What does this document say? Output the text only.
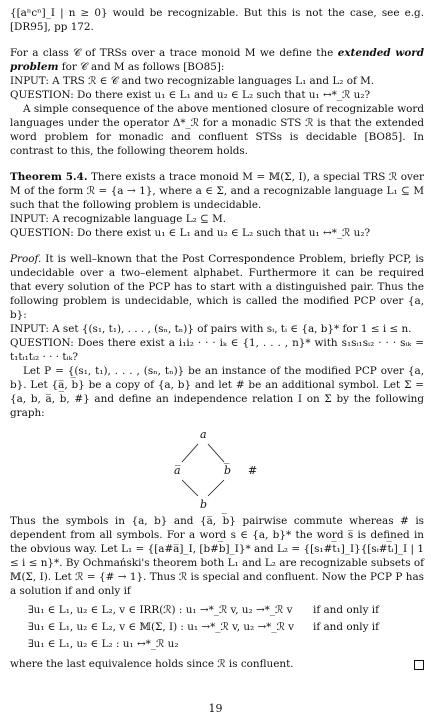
{[aⁿcⁿ]_I | n ≥ 0} would be recognizable. But this is not the case, see e.g. [DR95], pp 172.

For a class 𝒞 of TRSs over a trace monoid M we define the extended word problem for 𝒞 and M as follows [BO85]:

INPUT: A TRS ℛ ∈ 𝒞 and two recognizable languages L₁ and L₂ of M.

QUESTION: Do there exist u₁ ∈ L₁ and u₂ ∈ L₂ such that u₁ ↔*_ℛ u₂?

A simple consequence of the above mentioned closure of recognizable word languages under the operator Δ*_ℛ for a monadic STS ℛ is that the extended word problem for monadic and confluent STSs is decidable [BO85]. In contrast to this, the following theorem holds.

Theorem 5.4. There exists a trace monoid M = 𝕄(Σ, I), a special TRS ℛ over M of the form ℛ = {a → 1}, where a ∈ Σ, and a recognizable language L₁ ⊆ M such that the following problem is undecidable.

INPUT: A recognizable language L₂ ⊆ M.

QUESTION: Do there exist u₁ ∈ L₁ and u₂ ∈ L₂ such that u₁ ↔*_ℛ u₂?

Proof. It is well–known that the Post Correspondence Problem, briefly PCP, is undecidable over a two–element alphabet. Furthermore it can be required that every solution of the PCP has to start with a distinguished pair. Thus the following problem is undecidable, which is called the modified PCP over {a, b}:

INPUT: A set {(s₁, t₁), . . . , (sₙ, tₙ)} of pairs with sᵢ, tᵢ ∈ {a, b}* for 1 ≤ i ≤ n.

QUESTION: Does there exist a i₁i₂ · · · iₖ ∈ {1, . . . , n}* with s₁sᵢ₁sᵢ₂ · · · sᵢₖ = t₁tᵢ₁tᵢ₂ · · · tᵢₖ?

Let P = {(s₁, t₁), . . . , (sₙ, tₙ)} be an instance of the modified PCP over {a, b}. Let {a̅, b̅} be a copy of {a, b} and let # be an additional symbol. Let Σ = {a, b, a̅, b̅, #} and define an independence relation I on Σ by the following graph:

a
a̅	b̅
b
#

Thus the symbols in {a, b} and {a̅, b̅} pairwise commute whereas # is dependent from all symbols. For a word s ∈ {a, b}* the word s̅ is defined in the obvious way. Let L₁ = {[a#a̅]_I, [b#b̅]_I}* and L₂ = {[s₁#t̅₁]_I}{[sᵢ#t̅ᵢ]_I | 1 ≤ i ≤ n}*. By Ochmański's theorem both L₁ and L₂ are recognizable subsets of 𝕄(Σ, I). Let ℛ = {# → 1}. Thus ℛ is special and confluent. Now the PCP P has a solution if and only if

∃u₁ ∈ L₁, u₂ ∈ L₂, v ∈ IRR(ℛ) : u₁ →*_ℛ v, u₂ →*_ℛ v if and only if
∃u₁ ∈ L₁, u₂ ∈ L₂, v ∈ 𝕄(Σ, I) : u₁ →*_ℛ v, u₂ →*_ℛ v if and only if
∃u₁ ∈ L₁, u₂ ∈ L₂ : u₁ ↔*_ℛ u₂

where the last equivalence holds since ℛ is confluent.

19
